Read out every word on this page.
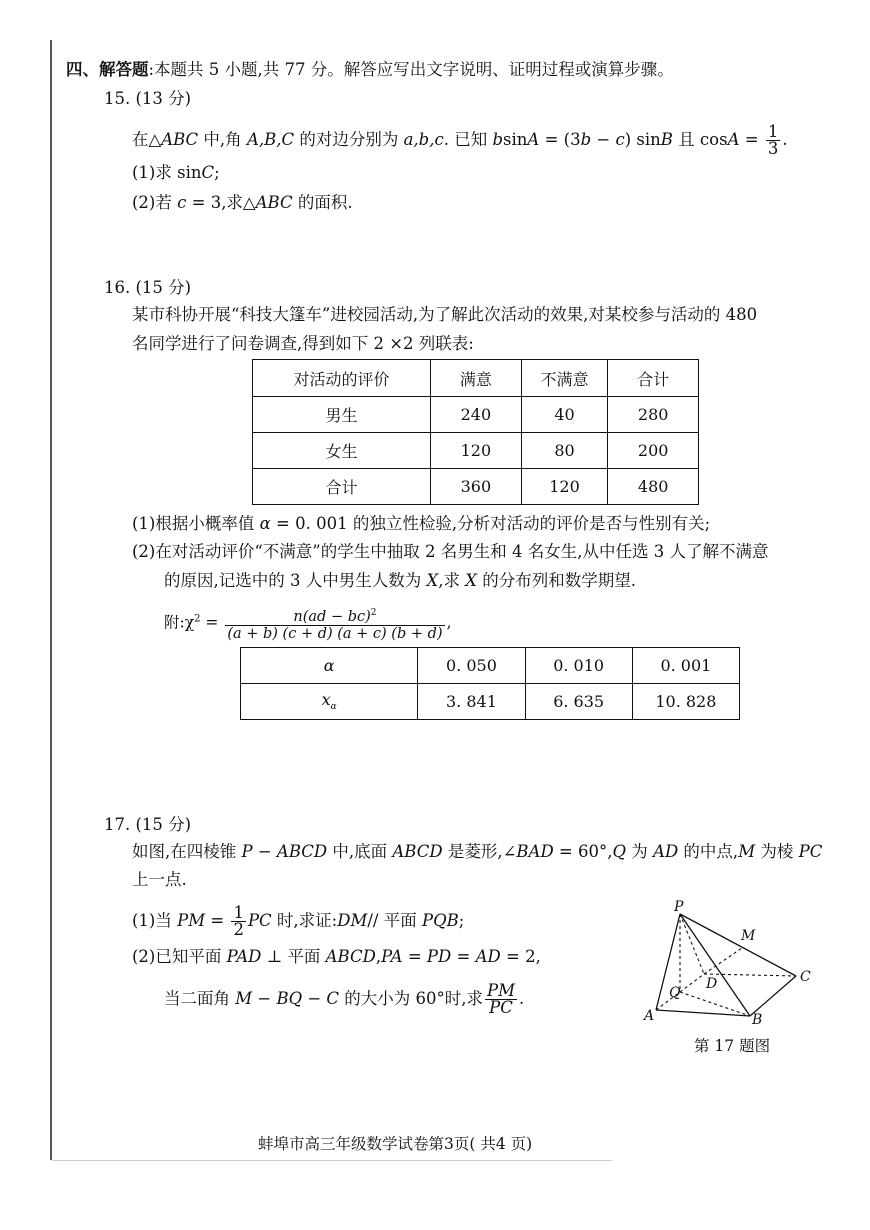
四、解答题:本题共 5 小题,共 77 分。解答应写出文字说明、证明过程或演算步骤。
15. (13 分)
在△ABC 中,角 A,B,C 的对边分别为 a,b,c. 已知 bsinA = (3b − c) sinB 且 $\cos A = \frac{1}{3}$ .
(1)求 sinC;
(2)若 c = 3,求△ABC 的面积.
16. (15 分)
某市科协开展“科技大篷车”进校园活动,为了解此次活动的效果,对某校参与活动的 480
名同学进行了问卷调查,得到如下 2 ×2 列联表:
对活动的评价	满意	不满意	合计
男生	240	40	280
女生	120	80	200
合计	360	120	480
(1)根据小概率值 α = 0. 001 的独立性检验,分析对活动的评价是否与性别有关;
(2)在对活动评价“不满意”的学生中抽取 2 名男生和 4 名女生,从中任选 3 人了解不满意
的原因,记选中的 3 人中男生人数为 X,求 X 的分布列和数学期望.
附$:\chi^2 = \frac{n(ad - bc)^2}{(a + b) (c + d) (a + c) (b + d)}$ ,
α	0. 050	0. 010	0. 001
$x_\alpha$	3. 841	6. 635	10. 828
17. (15 分)
如图,在四棱锥 P − ABCD 中,底面 ABCD 是菱形,∠BAD = 60°,Q 为 AD 的中点,M 为棱 PC
上一点.
(1)当 PM = $\frac{1}{2}$ PC 时,求证:DM// 平面 PQB;
(2)已知平面 PAD ⊥ 平面 ABCD,PA = PD = AD = 2,
当二面角 M − BQ − C 的大小为 60°时,求 $\frac{PM}{PC}$ .
P
M
C
D
Q
A	B
第 17 题图
蚌埠市高三年级数学试卷第3页( 共4 页)
